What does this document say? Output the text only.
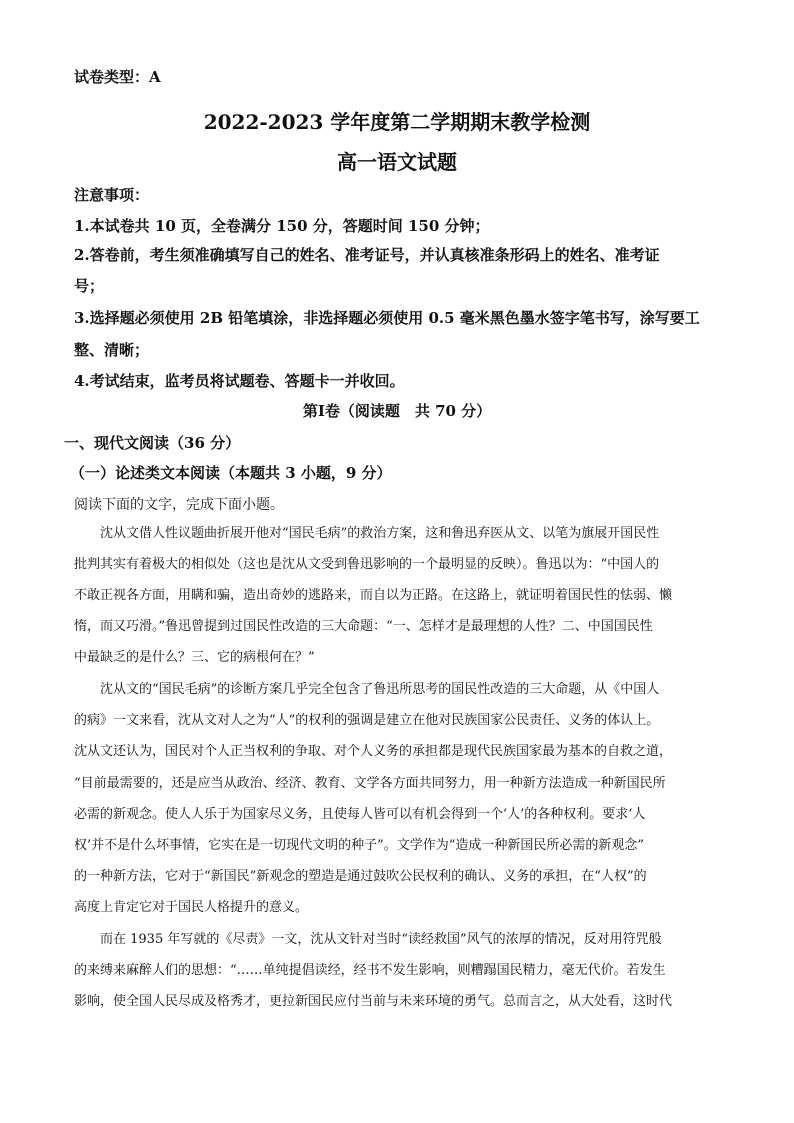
试卷类型：A
2022-2023 学年度第二学期期末教学检测
高一语文试题
注意事项：
1.本试卷共 10 页，全卷满分 150 分，答题时间 150 分钟；
2.答卷前，考生须准确填写自己的姓名、准考证号，并认真核准条形码上的姓名、准考证
号；
3.选择题必须使用 2B 铅笔填涂，非选择题必须使用 0.5 毫米黑色墨水签字笔书写，涂写要工
整、清晰；
4.考试结束，监考员将试题卷、答题卡一并收回。
第Ⅰ卷（阅读题　共 70 分）
一、现代文阅读（36 分）
（一）论述类文本阅读（本题共 3 小题，9 分）
阅读下面的文字，完成下面小题。
沈从文借人性议题曲折展开他对“国民毛病”的救治方案，这和鲁迅弃医从文、以笔为旗展开国民性
批判其实有着极大的相似处（这也是沈从文受到鲁迅影响的一个最明显的反映）。鲁迅以为：“中国人的
不敢正视各方面，用瞒和骗，造出奇妙的逃路来，而自以为正路。在这路上，就证明着国民性的怯弱、懒
惰，而又巧滑。”鲁迅曾提到过国民性改造的三大命题：“一、怎样才是最理想的人性？二、中国国民性
中最缺乏的是什么？三、它的病根何在？”
沈从文的“国民毛病”的诊断方案几乎完全包含了鲁迅所思考的国民性改造的三大命题，从《中国人
的病》一文来看，沈从文对人之为“人”的权利的强调是建立在他对民族国家公民责任、义务的体认上。
沈从文还认为，国民对个人正当权利的争取、对个人义务的承担都是现代民族国家最为基本的自救之道，
“目前最需要的，还是应当从政治、经济、教育、文学各方面共同努力，用一种新方法造成一种新国民所
必需的新观念。使人人乐于为国家尽义务，且使每人皆可以有机会得到一个‘人’的各种权利。要求‘人
权’并不是什么坏事情，它实在是一切现代文明的种子”。文学作为“造成一种新国民所必需的新观念”
的一种新方法，它对于“新国民”新观念的塑造是通过鼓吹公民权利的确认、义务的承担，在“人权”的
高度上肯定它对于国民人格提升的意义。
而在 1935 年写就的《尽责》一文，沈从文针对当时“读经救国”风气的浓厚的情况，反对用符咒般
的来缚来麻醉人们的思想：“……单纯提倡读经，经书不发生影响，则糟蹋国民精力，毫无代价。若发生
影响，使全国人民尽成及格秀才，更拉新国民应付当前与未来环境的勇气。总而言之，从大处看，这时代
